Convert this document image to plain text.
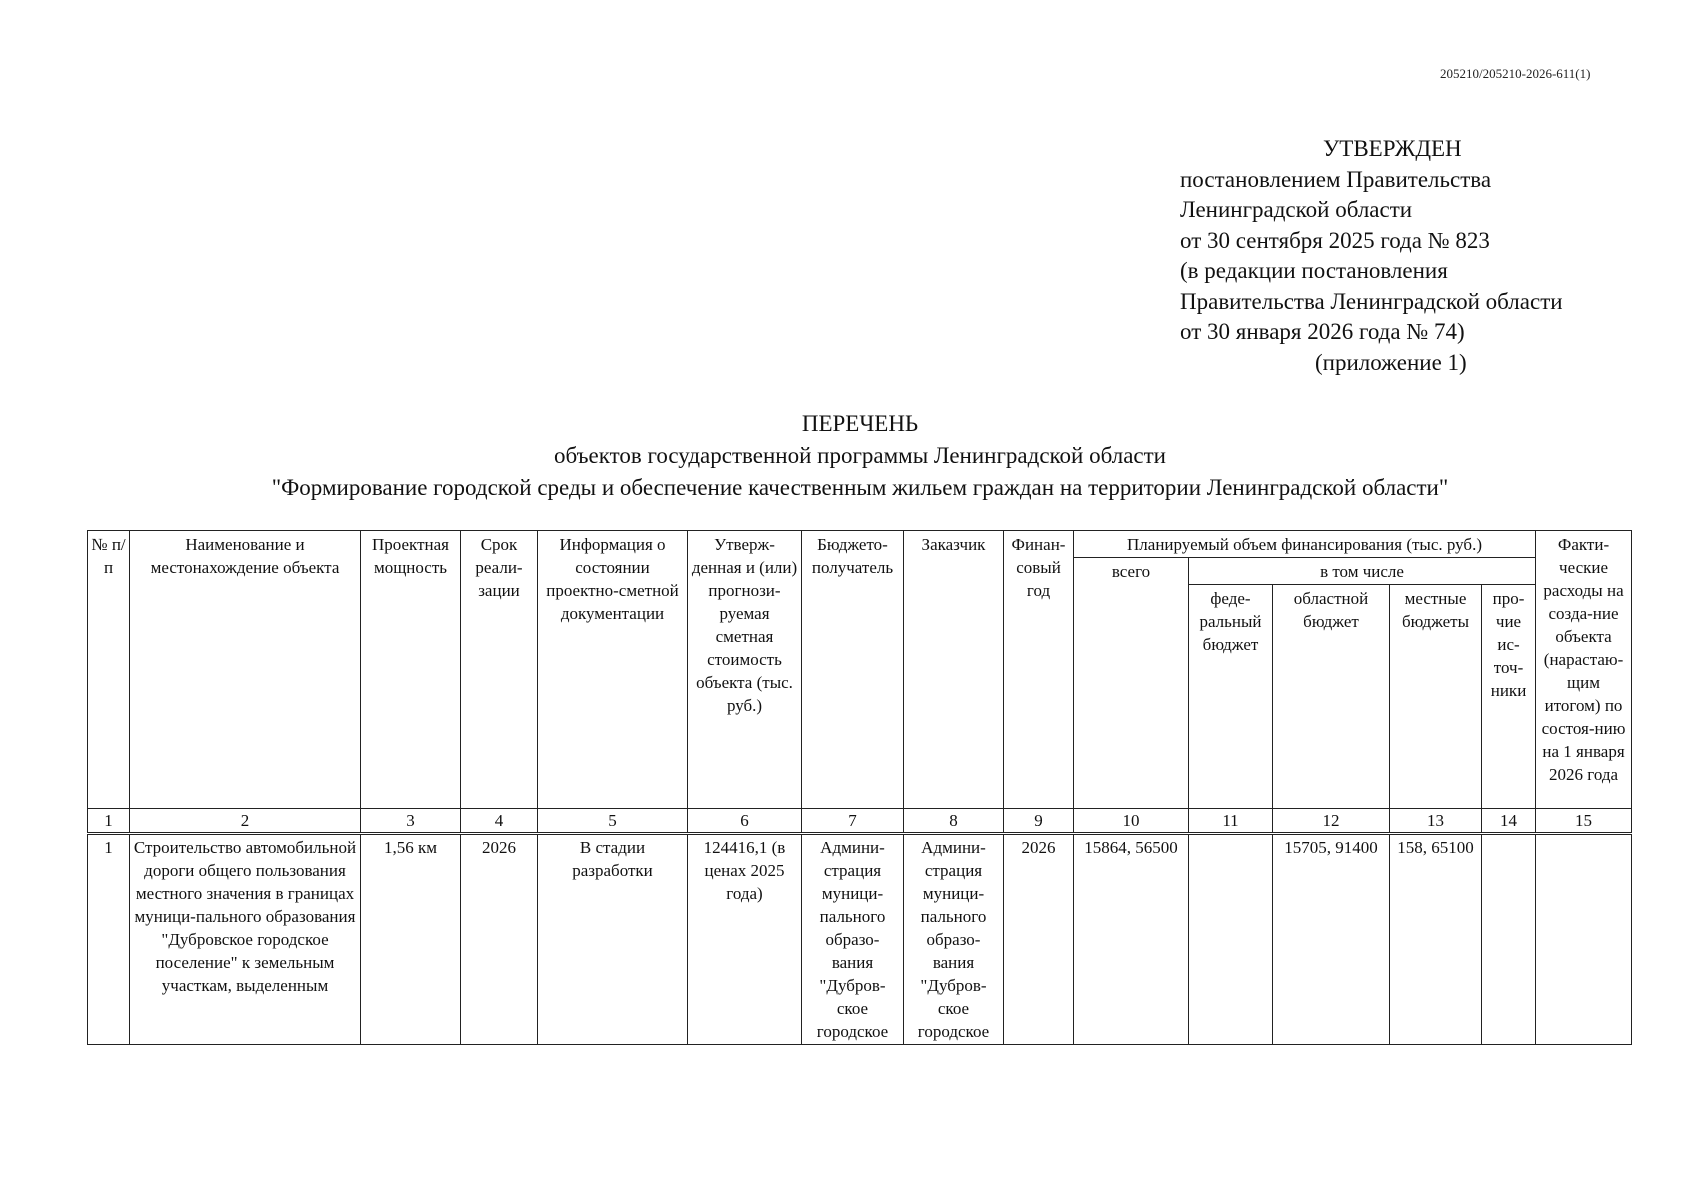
205210/205210-2026-611(1)
УТВЕРЖДЕН
постановлением Правительства
Ленинградской области
от 30 сентября 2025 года № 823
(в редакции постановления
Правительства Ленинградской области
от 30 января 2026 года № 74)
(приложение 1)
ПЕРЕЧЕНЬ
объектов государственной программы Ленинградской области
"Формирование городской среды и обеспечение качественным жильем граждан на территории Ленинградской области"
№ п/п	Наименование и местонахождение объекта	Проектная мощность	Срок реали-зации	Информация о состоянии проектно-сметной документации	Утверж-денная и (или) прогнози-руемая сметная стоимость объекта (тыс. руб.)	Бюджето-получатель	Заказчик	Финан-совый год	Планируемый объем финансирования (тыс. руб.)					Факти-ческие расходы на созда-ние объекта (нарастаю-щим итогом) по состоя-нию на 1 января 2026 года
									всего	в том числе				
										феде-ральный бюджет	областной бюджет	местные бюджеты	про-чие ис-точ-ники	
1	2	3	4	5	6	7	8	9	10	11	12	13	14	15
1	Строительство автомобильной дороги общего пользования местного значения в границах муници-пального образования "Дубровское городское поселение" к земельным участкам, выделенным	1,56 км	2026	В стадии разработки	124416,1 (в ценах 2025 года)	Админи-страция муници-пального образо-вания "Дубров-ское городское	Админи-страция муници-пального образо-вания "Дубров-ское городское	2026	15864, 56500		15705, 91400	158, 65100		
